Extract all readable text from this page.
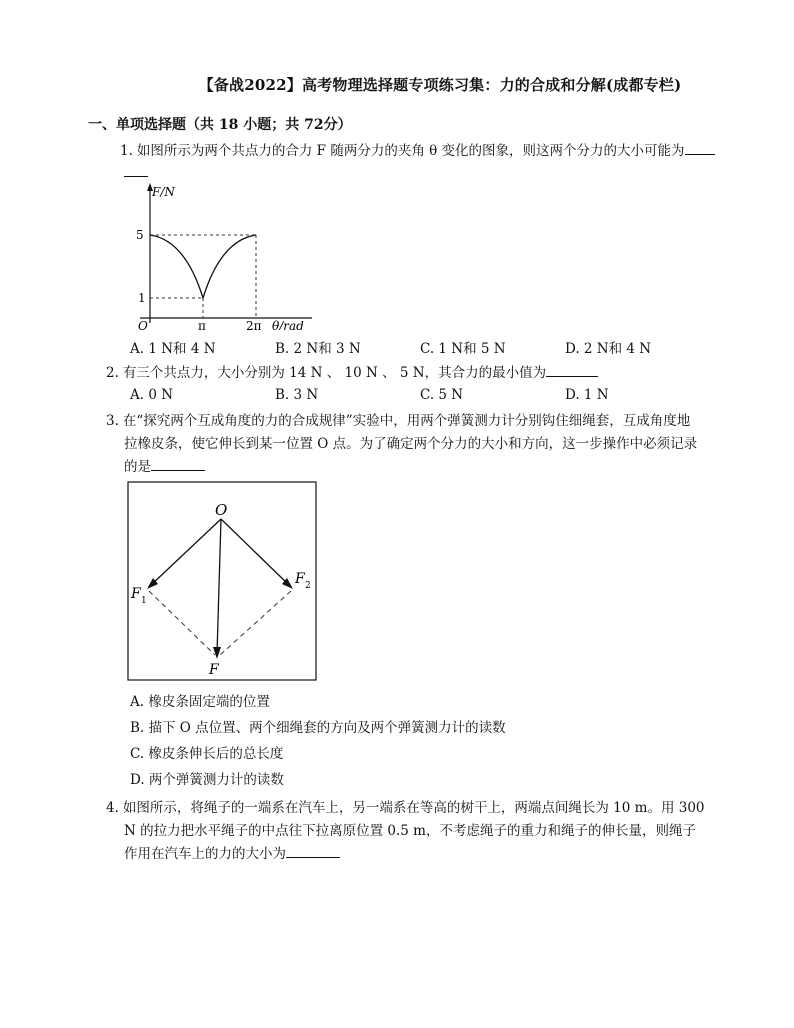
【备战2022】高考物理选择题专项练习集：力的合成和分解(成都专栏)
一、单项选择题（共 18 小题；共 72分）
1. 如图所示为两个共点力的合力 F 随两分力的夹角 θ 变化的图象，则这两个分力的大小可能为
F/N
5
1
O	π	2π θ/rad
A. 1 N和 4 N	B. 2 N和 3 N	C. 1 N和 5 N	D. 2 N和 4 N
2. 有三个共点力，大小分别为 14 N 、 10 N 、 5 N，其合力的最小值为
A. 0 N	B. 3 N	C. 5 N	D. 1 N
3. 在“探究两个互成角度的力的合成规律”实验中，用两个弹簧测力计分别钩住细绳套，互成角度地
拉橡皮条，使它伸长到某一位置 O 点。为了确定两个分力的大小和方向，这一步操作中必须记录
的是
O
F 1
F 2
F
A. 橡皮条固定端的位置
B. 描下 O 点位置、两个细绳套的方向及两个弹簧测力计的读数
C. 橡皮条伸长后的总长度
D. 两个弹簧测力计的读数
4. 如图所示，将绳子的一端系在汽车上，另一端系在等高的树干上，两端点间绳长为 10 m。用 300
N 的拉力把水平绳子的中点往下拉离原位置 0.5 m，不考虑绳子的重力和绳子的伸长量，则绳子
作用在汽车上的力的大小为
